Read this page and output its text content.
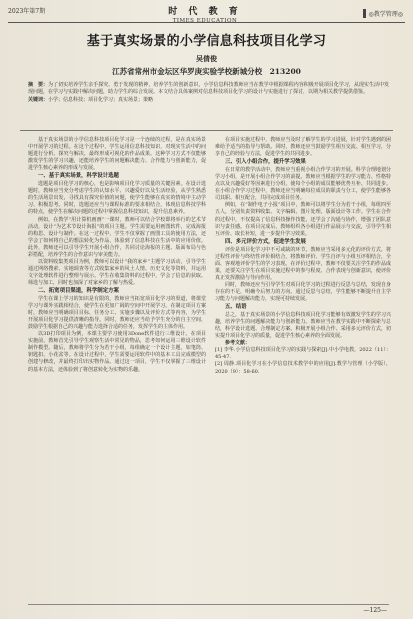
2023年第7期	时 代 教 育
TIMES EDUCATION
◎教学管理◎
基于真实场景的小学信息科技项目化学习
吴倩俊
江苏省常州市金坛区华罗庚实验学校新城分校　213200

摘　要：为了切实培养学生亲手探究、勇于发现的精神，培养学生的创新意识，小学信息科技教师应当在教学中根据课程内容积极开展项目化学习，从现实生活中发现问题，在学习与实践中解决问题，助力学生的综合发展。本文结合具体案例对信息科技项目化学习的设计与实施进行了探讨，以期为相关教学提供借鉴。

关键词：小学；信息科技；项目化学习；真实场景；策略

基于真实场景的小学信息科技项目化学习是一个连续的过程，是在真实场景中开展学习的过程。在这个过程中，学生运用信息科技知识，对现实生活中的问题进行分析、探究与解决，最终形成可视化的作品成果。这种学习方式不仅能够激发学生的学习兴趣，还能培养学生的问题解决能力、合作能力与创新能力，促进学生核心素养的形成与发展。

一、基于真实场景，科学设计选题

选题是项目化学习的核心，也是影响项目化学习质量的关键因素。在设计选题时，教师应当充分考虑学生的认知水平、兴趣爱好以及生活经验，从学生熟悉的生活场景出发，寻找具有探究价值的问题，使学生能够在真实的情境中主动学习、积极思考。同时，选题还应当与课程标准的要求相结合，体现信息科技学科的特点，使学生在解决问题的过程中掌握信息科技知识，提升信息素养。

例如，在教学“用计算机画画”一课时，教师可以结合学校即将举行的艺术节活动，设计“为艺术节设计海报”的项目主题。学生需要运用画图软件，完成海报的构思、设计与制作。在这一过程中，学生不仅掌握了画图工具的使用方法，还学会了如何将自己的想法转化为作品，体验到了信息科技在生活中的应用价值。此外，教师还可以引导学生开展小组合作，共同讨论海报的主题、版面布局与色彩搭配，培养学生的合作意识与审美能力。

以资料收集类项目为例，教师可以设计“我的家乡”主题学习活动，引导学生通过网络搜索、实地调查等方式收集家乡的风土人情、历史文化等资料，并运用文字处理软件进行整理与展示。学生在收集资料的过程中，学会了信息的获取、筛选与加工，同时也加深了对家乡的了解与热爱。

二、拓宽项目渠道，科学制定方案

学生在课上学习的知识是有限的，教师应当拓宽项目化学习的渠道，将课堂学习与课外实践相结合，使学生在更加广阔的空间中开展学习。在制定项目方案时，教师应当明确项目目标、任务分工、实施步骤以及评价方式等内容，为学生开展项目化学习提供清晰的指导。同时，教师还应当给予学生充分的自主空间，鼓励学生根据自己的兴趣与能力选择合适的任务，发挥学生的主体作用。

以3D打印项目为例，本课主要学习使用3Done软件进行三维设计。在项目实施前，教师首先引导学生观察生活中常见的物品，思考如何运用三维设计软件制作模型。随后，教师将学生分为若干小组，每组确定一个设计主题，如笔筒、钥匙扣、小花盆等。在设计过程中，学生需要运用软件中的基本工具完成模型的创建与修改，并最终打印出实物作品。通过这一项目，学生不仅掌握了三维设计的基本方法，还体验到了将创意转化为实物的乐趣。

在项目实施过程中，教师应当及时了解学生的学习进展，针对学生遇到的困难给予适当的指导与帮助。同时，教师还应当鼓励学生相互交流、相互学习，分享自己的经验与方法，促进学生的共同进步。

三、引入小组合作，提升学习效果

在日常的教学活动中，教师应当重视小组合作学习的开展。科学合理地划分学习小组，是开展小组合作学习的前提。教师应当根据学生的学习能力、性格特点以及兴趣爱好等因素进行分组，使每个小组的成员能够优势互补、共同进步。在小组合作学习过程中，教师还应当明确每位成员的职责与分工，使学生能够各司其职、相互配合，共同完成项目任务。

例如，在“制作电子小报”项目中，教师可以将学生分为若干小组，每组四至五人，分别负责资料收集、文字编辑、图片处理、版面设计等工作。学生在合作的过程中，不仅提高了信息科技操作技能，还学会了沟通与协作，增强了团队意识与责任感。在项目完成后，教师组织各小组进行作品展示与交流，引导学生相互评价、取长补短，进一步提升学习效果。

四、多元评价方式，促进学生发展

评价是项目化学习中不可或缺的环节。教师应当采用多元化的评价方式，将过程性评价与终结性评价相结合，将教师评价、学生自评与小组互评相结合，全面、客观地评价学生的学习表现。在评价过程中，教师不仅要关注学生的作品成果，还要关注学生在项目实施过程中的参与程度、合作表现与创新意识，使评价真正发挥激励与导向作用。

同时，教师还应当引导学生对项目化学习的过程进行反思与总结，发现自身存在的不足，明确今后努力的方向。通过反思与总结，学生能够不断提升自主学习能力与问题解决能力，实现可持续发展。

五、结语

总之，基于真实场景的小学信息科技项目化学习能够有效激发学生的学习兴趣，培养学生的问题解决能力与创新能力。教师应当在教学实践中不断探索与总结，科学设计选题、合理制定方案、积极开展小组合作、采用多元评价方式，切实提升项目化学习的质量，促进学生核心素养的全面发展。

参考文献：

[1] 李华.小学信息科技项目化学习的实践与探索[J].中小学电教，2022（11）：45-47.

[2] 周静.项目化学习在小学信息技术教学中的应用[J].教学与管理（小学版），2020（9）：58-60.

—125—
